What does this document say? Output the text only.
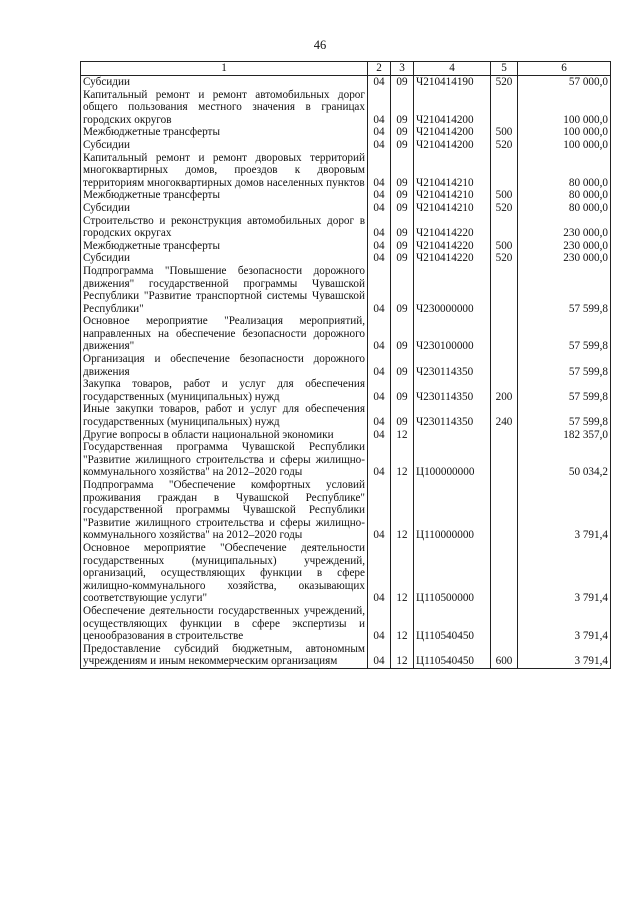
46
1	2	3	4	5	6
Субсидии	04	09	Ч210414190	520	57 000,0
Капитальный ремонт и ремонт автомобильных дорог общего пользования местного значения в границах городских округов	04	09	Ч210414200		100 000,0
Межбюджетные трансферты	04	09	Ч210414200	500	100 000,0
Субсидии	04	09	Ч210414200	520	100 000,0
Капитальный ремонт и ремонт дворовых территорий многоквартирных домов, проездов к дворовым территориям многоквартирных домов населенных пунктов	04	09	Ч210414210		80 000,0
Межбюджетные трансферты	04	09	Ч210414210	500	80 000,0
Субсидии	04	09	Ч210414210	520	80 000,0
Строительство и реконструкция автомобильных дорог в городских округах	04	09	Ч210414220		230 000,0
Межбюджетные трансферты	04	09	Ч210414220	500	230 000,0
Субсидии	04	09	Ч210414220	520	230 000,0
Подпрограмма "Повышение безопасности дорожного движения" государственной программы Чувашской Республики "Развитие транспортной системы Чувашской Республики"	04	09	Ч230000000		57 599,8
Основное мероприятие "Реализация мероприятий, направленных на обеспечение безопасности дорожного движения"	04	09	Ч230100000		57 599,8
Организация и обеспечение безопасности дорожного движения	04	09	Ч230114350		57 599,8
Закупка товаров, работ и услуг для обеспечения государственных (муниципальных) нужд	04	09	Ч230114350	200	57 599,8
Иные закупки товаров, работ и услуг для обеспечения государственных (муниципальных) нужд	04	09	Ч230114350	240	57 599,8
Другие вопросы в области национальной экономики	04	12			182 357,0
Государственная программа Чувашской Республики "Развитие жилищного строительства и сферы жилищно-коммунального хозяйства" на 2012–2020 годы	04	12	Ц100000000		50 034,2
Подпрограмма "Обеспечение комфортных условий проживания граждан в Чувашской Республике" государственной программы Чувашской Республики "Развитие жилищного строительства и сферы жилищно-коммунального хозяйства" на 2012–2020 годы	04	12	Ц110000000		3 791,4
Основное мероприятие "Обеспечение деятельности государственных (муниципальных) учреждений, организаций, осуществляющих функции в сфере жилищно-коммунального хозяйства, оказывающих соответствующие услуги"	04	12	Ц110500000		3 791,4
Обеспечение деятельности государственных учреждений, осуществляющих функции в сфере экспертизы и ценообразования в строительстве	04	12	Ц110540450		3 791,4
Предоставление субсидий бюджетным, автономным учреждениям и иным некоммерческим организациям	04	12	Ц110540450	600	3 791,4
